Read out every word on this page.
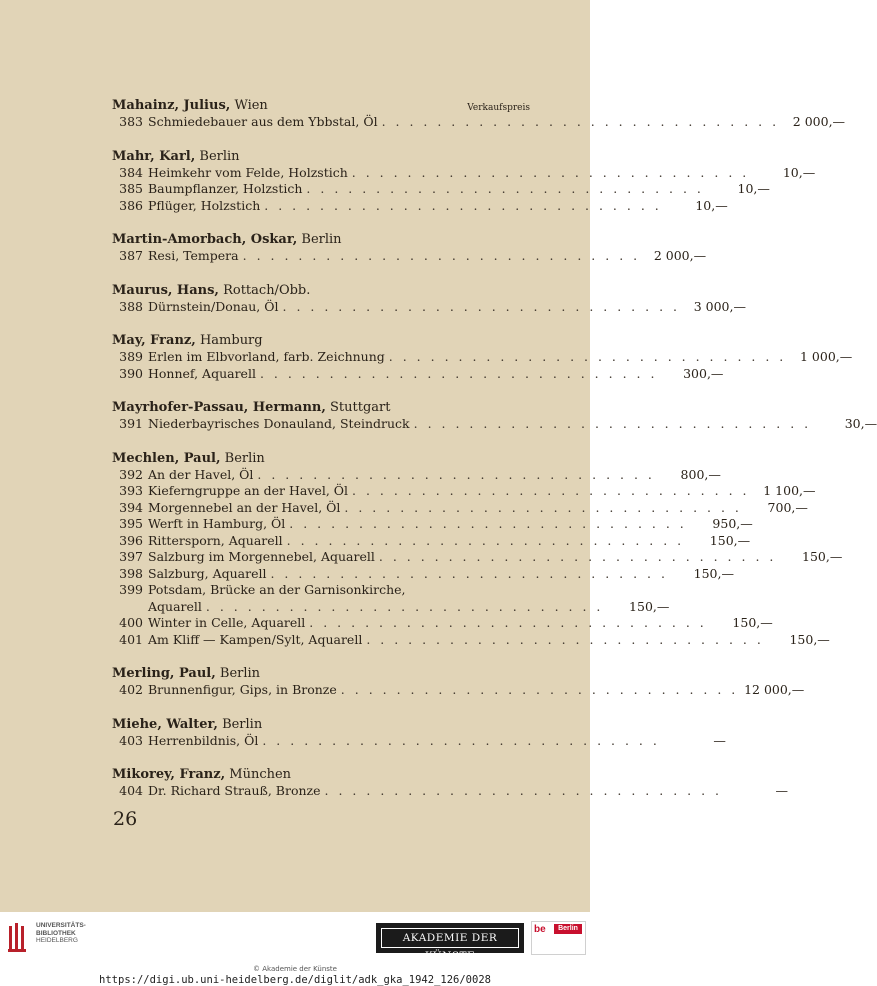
Mahainz, Julius, Wien	Verkaufspreis
383 Schmiedebauer aus dem Ybbstal, Öl . . . . . . . . . . . . . . . . . . . . . . . . . . . . .	2 000,—
Mahr, Karl, Berlin
384 Heimkehr vom Felde, Holzstich . . . . . . . . . . . . . . . . . . . . . . . . . . . . .	10,—
385 Baumpflanzer, Holzstich . . . . . . . . . . . . . . . . . . . . . . . . . . . . .	10,—
386 Pflüger, Holzstich . . . . . . . . . . . . . . . . . . . . . . . . . . . . .	10,—
Martin-Amorbach, Oskar, Berlin
387 Resi, Tempera . . . . . . . . . . . . . . . . . . . . . . . . . . . . .	2 000,—
Maurus, Hans, Rottach/Obb.
388 Dürnstein/Donau, Öl . . . . . . . . . . . . . . . . . . . . . . . . . . . . .	3 000,—
May, Franz, Hamburg
389 Erlen im Elbvorland, farb. Zeichnung . . . . . . . . . . . . . . . . . . . . . . . . . . . . .	1 000,—
390 Honnef, Aquarell . . . . . . . . . . . . . . . . . . . . . . . . . . . . .	300,—
Mayrhofer-Passau, Hermann, Stuttgart
391 Niederbayrisches Donauland, Steindruck . . . . . . . . . . . . . . . . . . . . . . . . . . . . .	30,—
Mechlen, Paul, Berlin
392 An der Havel, Öl . . . . . . . . . . . . . . . . . . . . . . . . . . . . .	800,—
393 Kieferngruppe an der Havel, Öl . . . . . . . . . . . . . . . . . . . . . . . . . . . . .	1 100,—
394 Morgennebel an der Havel, Öl . . . . . . . . . . . . . . . . . . . . . . . . . . . . .	700,—
395 Werft in Hamburg, Öl . . . . . . . . . . . . . . . . . . . . . . . . . . . . .	950,—
396 Rittersporn, Aquarell . . . . . . . . . . . . . . . . . . . . . . . . . . . . .	150,—
397 Salzburg im Morgennebel, Aquarell . . . . . . . . . . . . . . . . . . . . . . . . . . . . .	150,—
398 Salzburg, Aquarell . . . . . . . . . . . . . . . . . . . . . . . . . . . . .	150,—
399 Potsdam, Brücke an der Garnisonkirche,
Aquarell . . . . . . . . . . . . . . . . . . . . . . . . . . . . .	150,—
400 Winter in Celle, Aquarell . . . . . . . . . . . . . . . . . . . . . . . . . . . . .	150,—
401 Am Kliff — Kampen/Sylt, Aquarell . . . . . . . . . . . . . . . . . . . . . . . . . . . . .	150,—
Merling, Paul, Berlin
402 Brunnenfigur, Gips, in Bronze . . . . . . . . . . . . . . . . . . . . . . . . . . . . . 12 000,—
Miehe, Walter, Berlin
403 Herrenbildnis, Öl . . . . . . . . . . . . . . . . . . . . . . . . . . . . .	—
Mikorey, Franz, München
404 Dr. Richard Strauß, Bronze . . . . . . . . . . . . . . . . . . . . . . . . . . . . .	—
26
UNIVERSITÄTS-
BIBLIOTHEK
HEIDELBERG	AKADEMIE DER KÜNSTE
be	Berlin
© Akademie der Künste
https://digi.ub.uni-heidelberg.de/diglit/adk_gka_1942_126/0028
